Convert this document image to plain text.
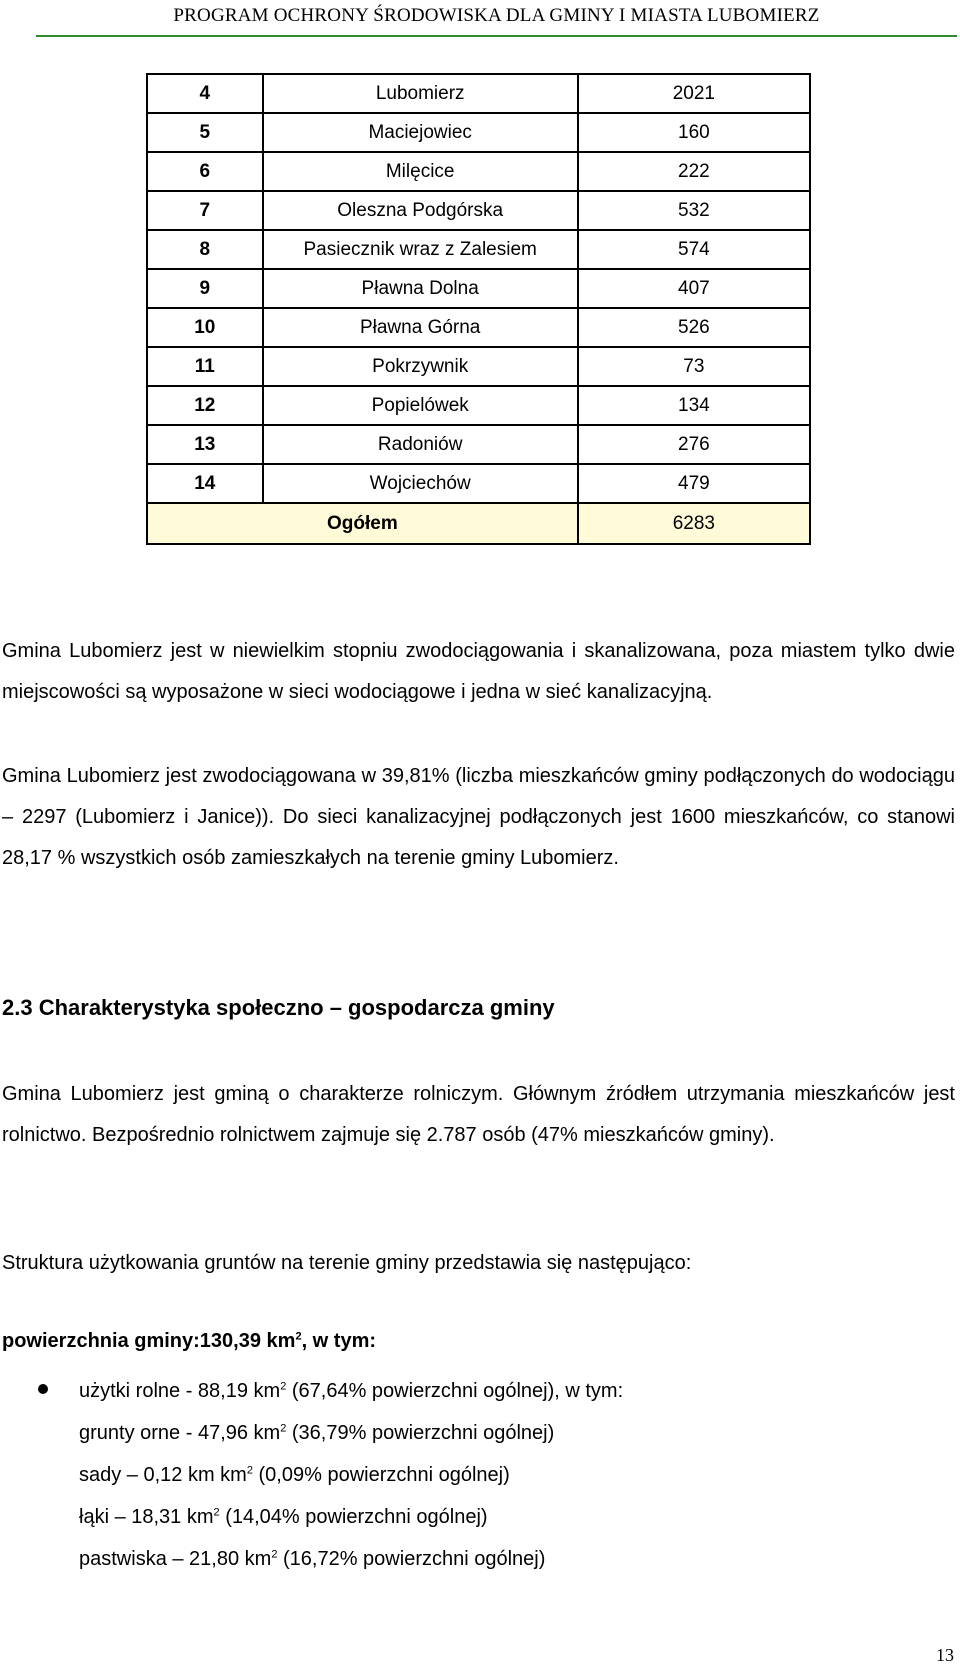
PROGRAM OCHRONY ŚRODOWISKA DLA GMINY I MIASTA LUBOMIERZ
4	Lubomierz	2021
5	Maciejowiec	160
6	Milęcice	222
7	Oleszna Podgórska	532
8	Pasiecznik wraz z Zalesiem	574
9	Pławna Dolna	407
10	Pławna Górna	526
11	Pokrzywnik	73
12	Popielówek	134
13	Radoniów	276
14	Wojciechów	479
Ogółem		6283

Gmina Lubomierz jest w niewielkim stopniu zwodociągowania i skanalizowana, poza miastem tylko dwie miejscowości są wyposażone w sieci wodociągowe i jedna w sieć kanalizacyjną.

Gmina Lubomierz jest zwodociągowana w 39,81% (liczba mieszkańców gminy podłączonych do wodociągu – 2297 (Lubomierz i Janice)). Do sieci kanalizacyjnej podłączonych jest 1600 mieszkańców, co stanowi 28,17 % wszystkich osób zamieszkałych na terenie gminy Lubomierz.

2.3 Charakterystyka społeczno – gospodarcza gminy

Gmina Lubomierz jest gminą o charakterze rolniczym. Głównym źródłem utrzymania mieszkańców jest rolnictwo. Bezpośrednio rolnictwem zajmuje się 2.787 osób (47% mieszkańców gminy).

Struktura użytkowania gruntów na terenie gminy przedstawia się następująco:

powierzchnia gminy:130,39 $km^2$, w tym:
użytki rolne - 88,19 $km^2$ (67,64% powierzchni ogólnej), w tym:
grunty orne - 47,96 $km^2$ (36,79% powierzchni ogólnej)
sady – 0,12 km $km^2$ (0,09% powierzchni ogólnej)
łąki – 18,31 $km^2$ (14,04% powierzchni ogólnej)
pastwiska – 21,80 $km^2$ (16,72% powierzchni ogólnej)
13
